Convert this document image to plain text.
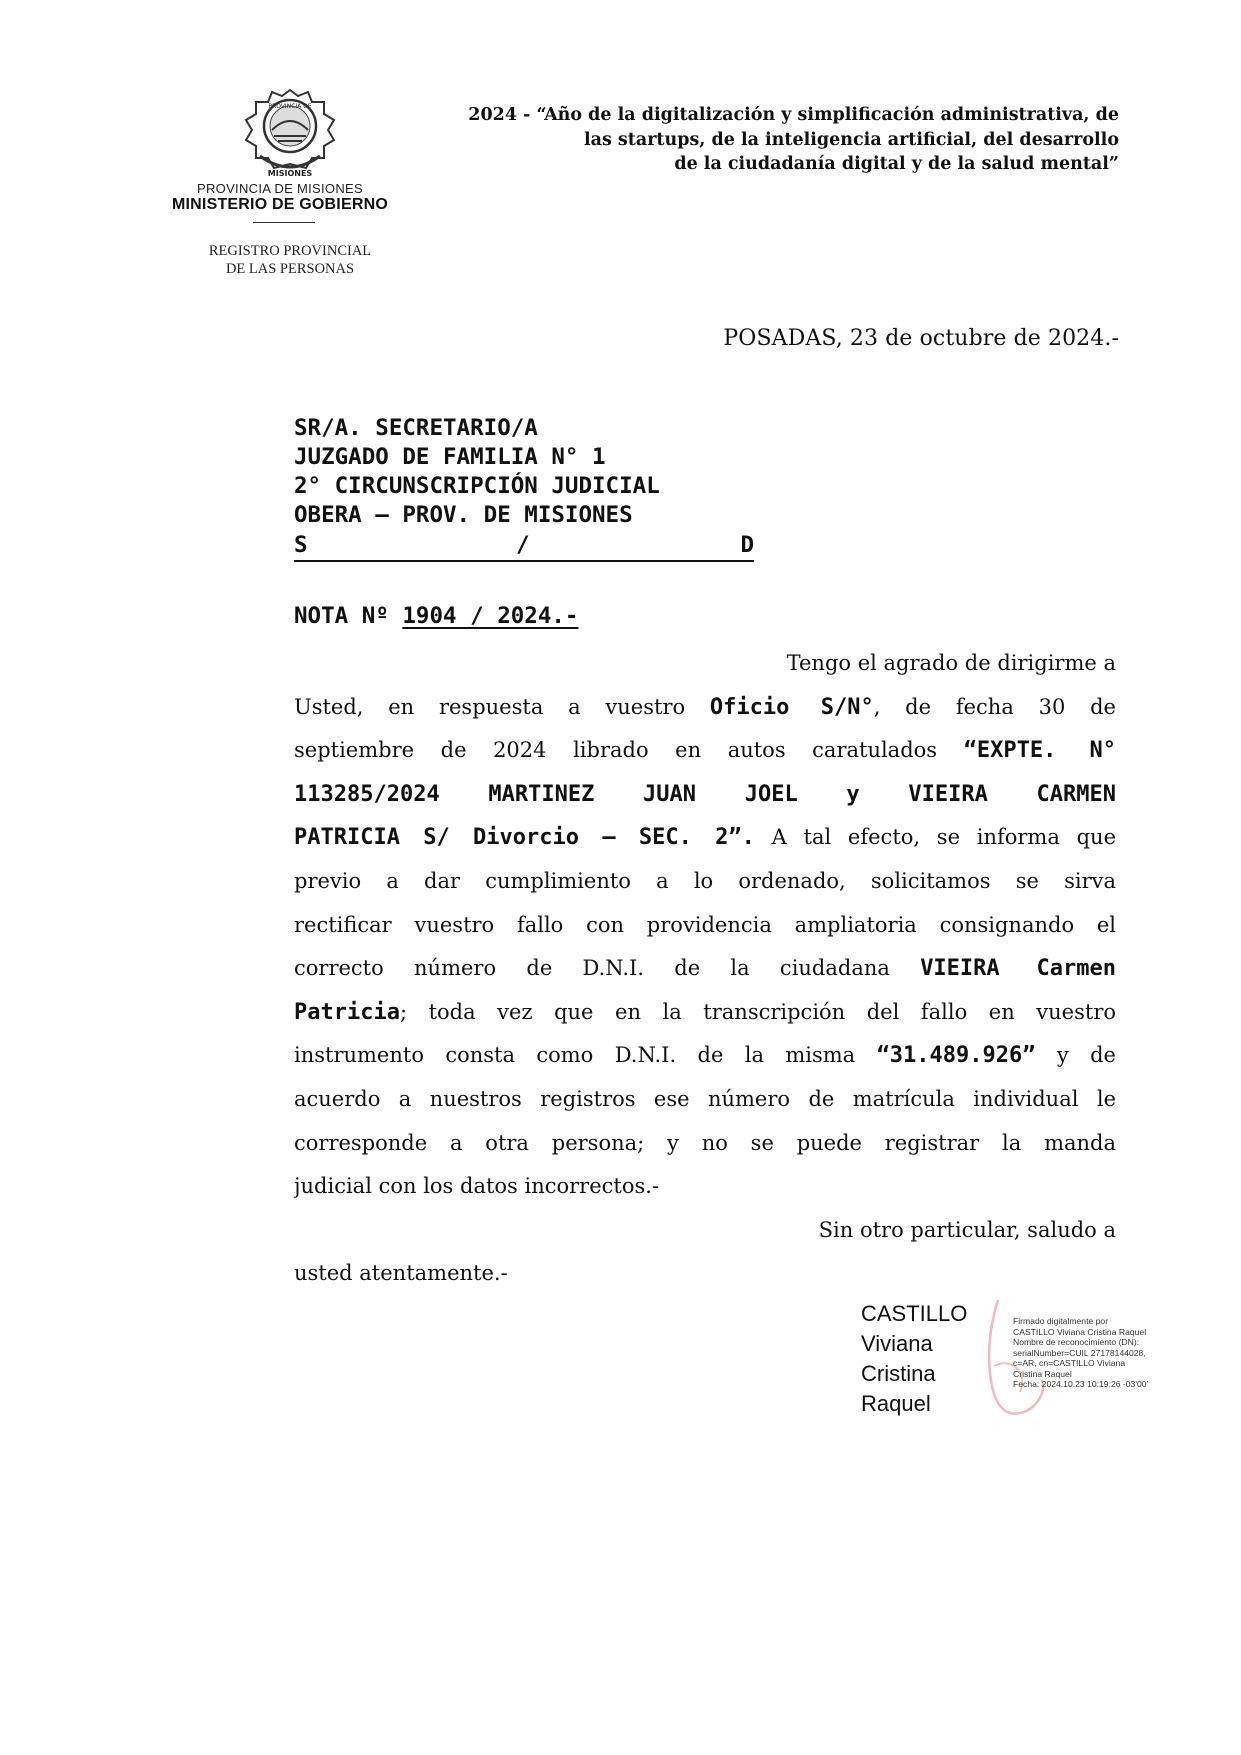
PROVINCIA DE
MISIONES
PROVINCIA DE MISIONES
MINISTERIO DE GOBIERNO
REGISTRO PROVINCIAL
DE LAS PERSONAS
2024 - “Año de la digitalización y simplificación administrativa, de
las startups, de la inteligencia artificial, del desarrollo
de la ciudadanía digital y de la salud mental”
POSADAS, 23 de octubre de 2024.-
SR/A. SECRETARIO/A
JUZGADO DE FAMILIA N° 1
2° CIRCUNSCRIPCIÓN JUDICIAL
OBERA – PROV. DE MISIONES
S	/	D
NOTA Nº 1904 / 2024.-
Tengo el agrado de dirigirme a
Usted, en respuesta a vuestro Oficio S/N°, de fecha 30 de
septiembre de 2024 librado en autos caratulados “EXPTE. N°
113285/2024 MARTINEZ JUAN JOEL y VIEIRA CARMEN
PATRICIA S/ Divorcio – SEC. 2”. A tal efecto, se informa que
previo a dar cumplimiento a lo ordenado, solicitamos se sirva
rectificar vuestro fallo con providencia ampliatoria consignando el
correcto número de D.N.I. de la ciudadana VIEIRA Carmen
Patricia; toda vez que en la transcripción del fallo en vuestro
instrumento consta como D.N.I. de la misma “31.489.926” y de
acuerdo a nuestros registros ese número de matrícula individual le
corresponde a otra persona; y no se puede registrar la manda
judicial con los datos incorrectos.-
Sin otro particular, saludo a
usted atentamente.-
CASTILLO
Viviana
Cristina
Raquel
Firmado digitalmente por
CASTILLO Viviana Cristina Raquel
Nombre de reconocimiento (DN):
serialNumber=CUIL 27178144028,
c=AR, cn=CASTILLO Viviana
Cristina Raquel
Fecha: 2024.10.23 10:19:26 -03'00'
